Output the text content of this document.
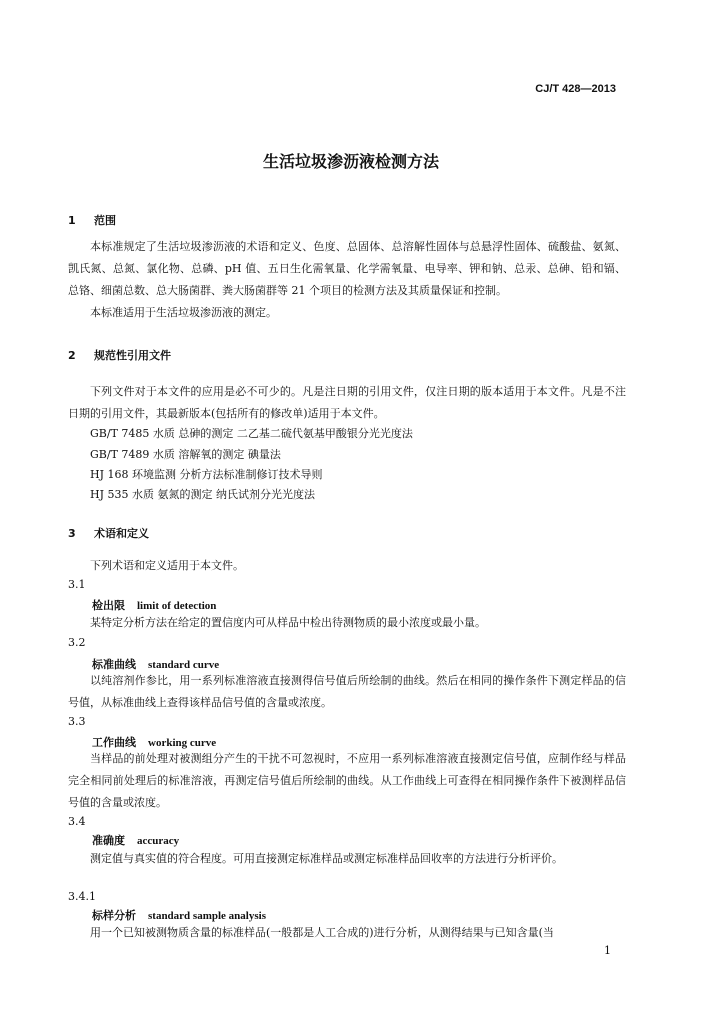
CJ/T 428—2013
生活垃圾渗沥液检测方法
1 范围
本标准规定了生活垃圾渗沥液的术语和定义、色度、总固体、总溶解性固体与总悬浮性固体、硫酸盐、氨氮、凯氏氮、总氮、氯化物、总磷、pH 值、五日生化需氧量、化学需氧量、电导率、钾和钠、总汞、总砷、铅和镉、总铬、细菌总数、总大肠菌群、粪大肠菌群等 21 个项目的检测方法及其质量保证和控制。
本标准适用于生活垃圾渗沥液的测定。
2 规范性引用文件
下列文件对于本文件的应用是必不可少的。凡是注日期的引用文件，仅注日期的版本适用于本文件。凡是不注日期的引用文件，其最新版本(包括所有的修改单)适用于本文件。
GB/T 7485 水质 总砷的测定 二乙基二硫代氨基甲酸银分光光度法
GB/T 7489 水质 溶解氧的测定 碘量法
HJ 168 环境监测 分析方法标准制修订技术导则
HJ 535 水质 氨氮的测定 纳氏试剂分光光度法
3 术语和定义
下列术语和定义适用于本文件。
3.1
检出限 limit of detection
某特定分析方法在给定的置信度内可从样品中检出待测物质的最小浓度或最小量。
3.2
标准曲线 standard curve
以纯溶剂作参比，用一系列标准溶液直接测得信号值后所绘制的曲线。然后在相同的操作条件下测定样品的信号值，从标准曲线上查得该样品信号值的含量或浓度。
3.3
工作曲线 working curve
当样品的前处理对被测组分产生的干扰不可忽视时，不应用一系列标准溶液直接测定信号值，应制作经与样品完全相同前处理后的标准溶液，再测定信号值后所绘制的曲线。从工作曲线上可查得在相同操作条件下被测样品信号值的含量或浓度。
3.4
准确度 accuracy
测定值与真实值的符合程度。可用直接测定标准样品或测定标准样品回收率的方法进行分析评价。
3.4.1
标样分析 standard sample analysis
用一个已知被测物质含量的标准样品(一般都是人工合成的)进行分析，从测得结果与已知含量(当
1
